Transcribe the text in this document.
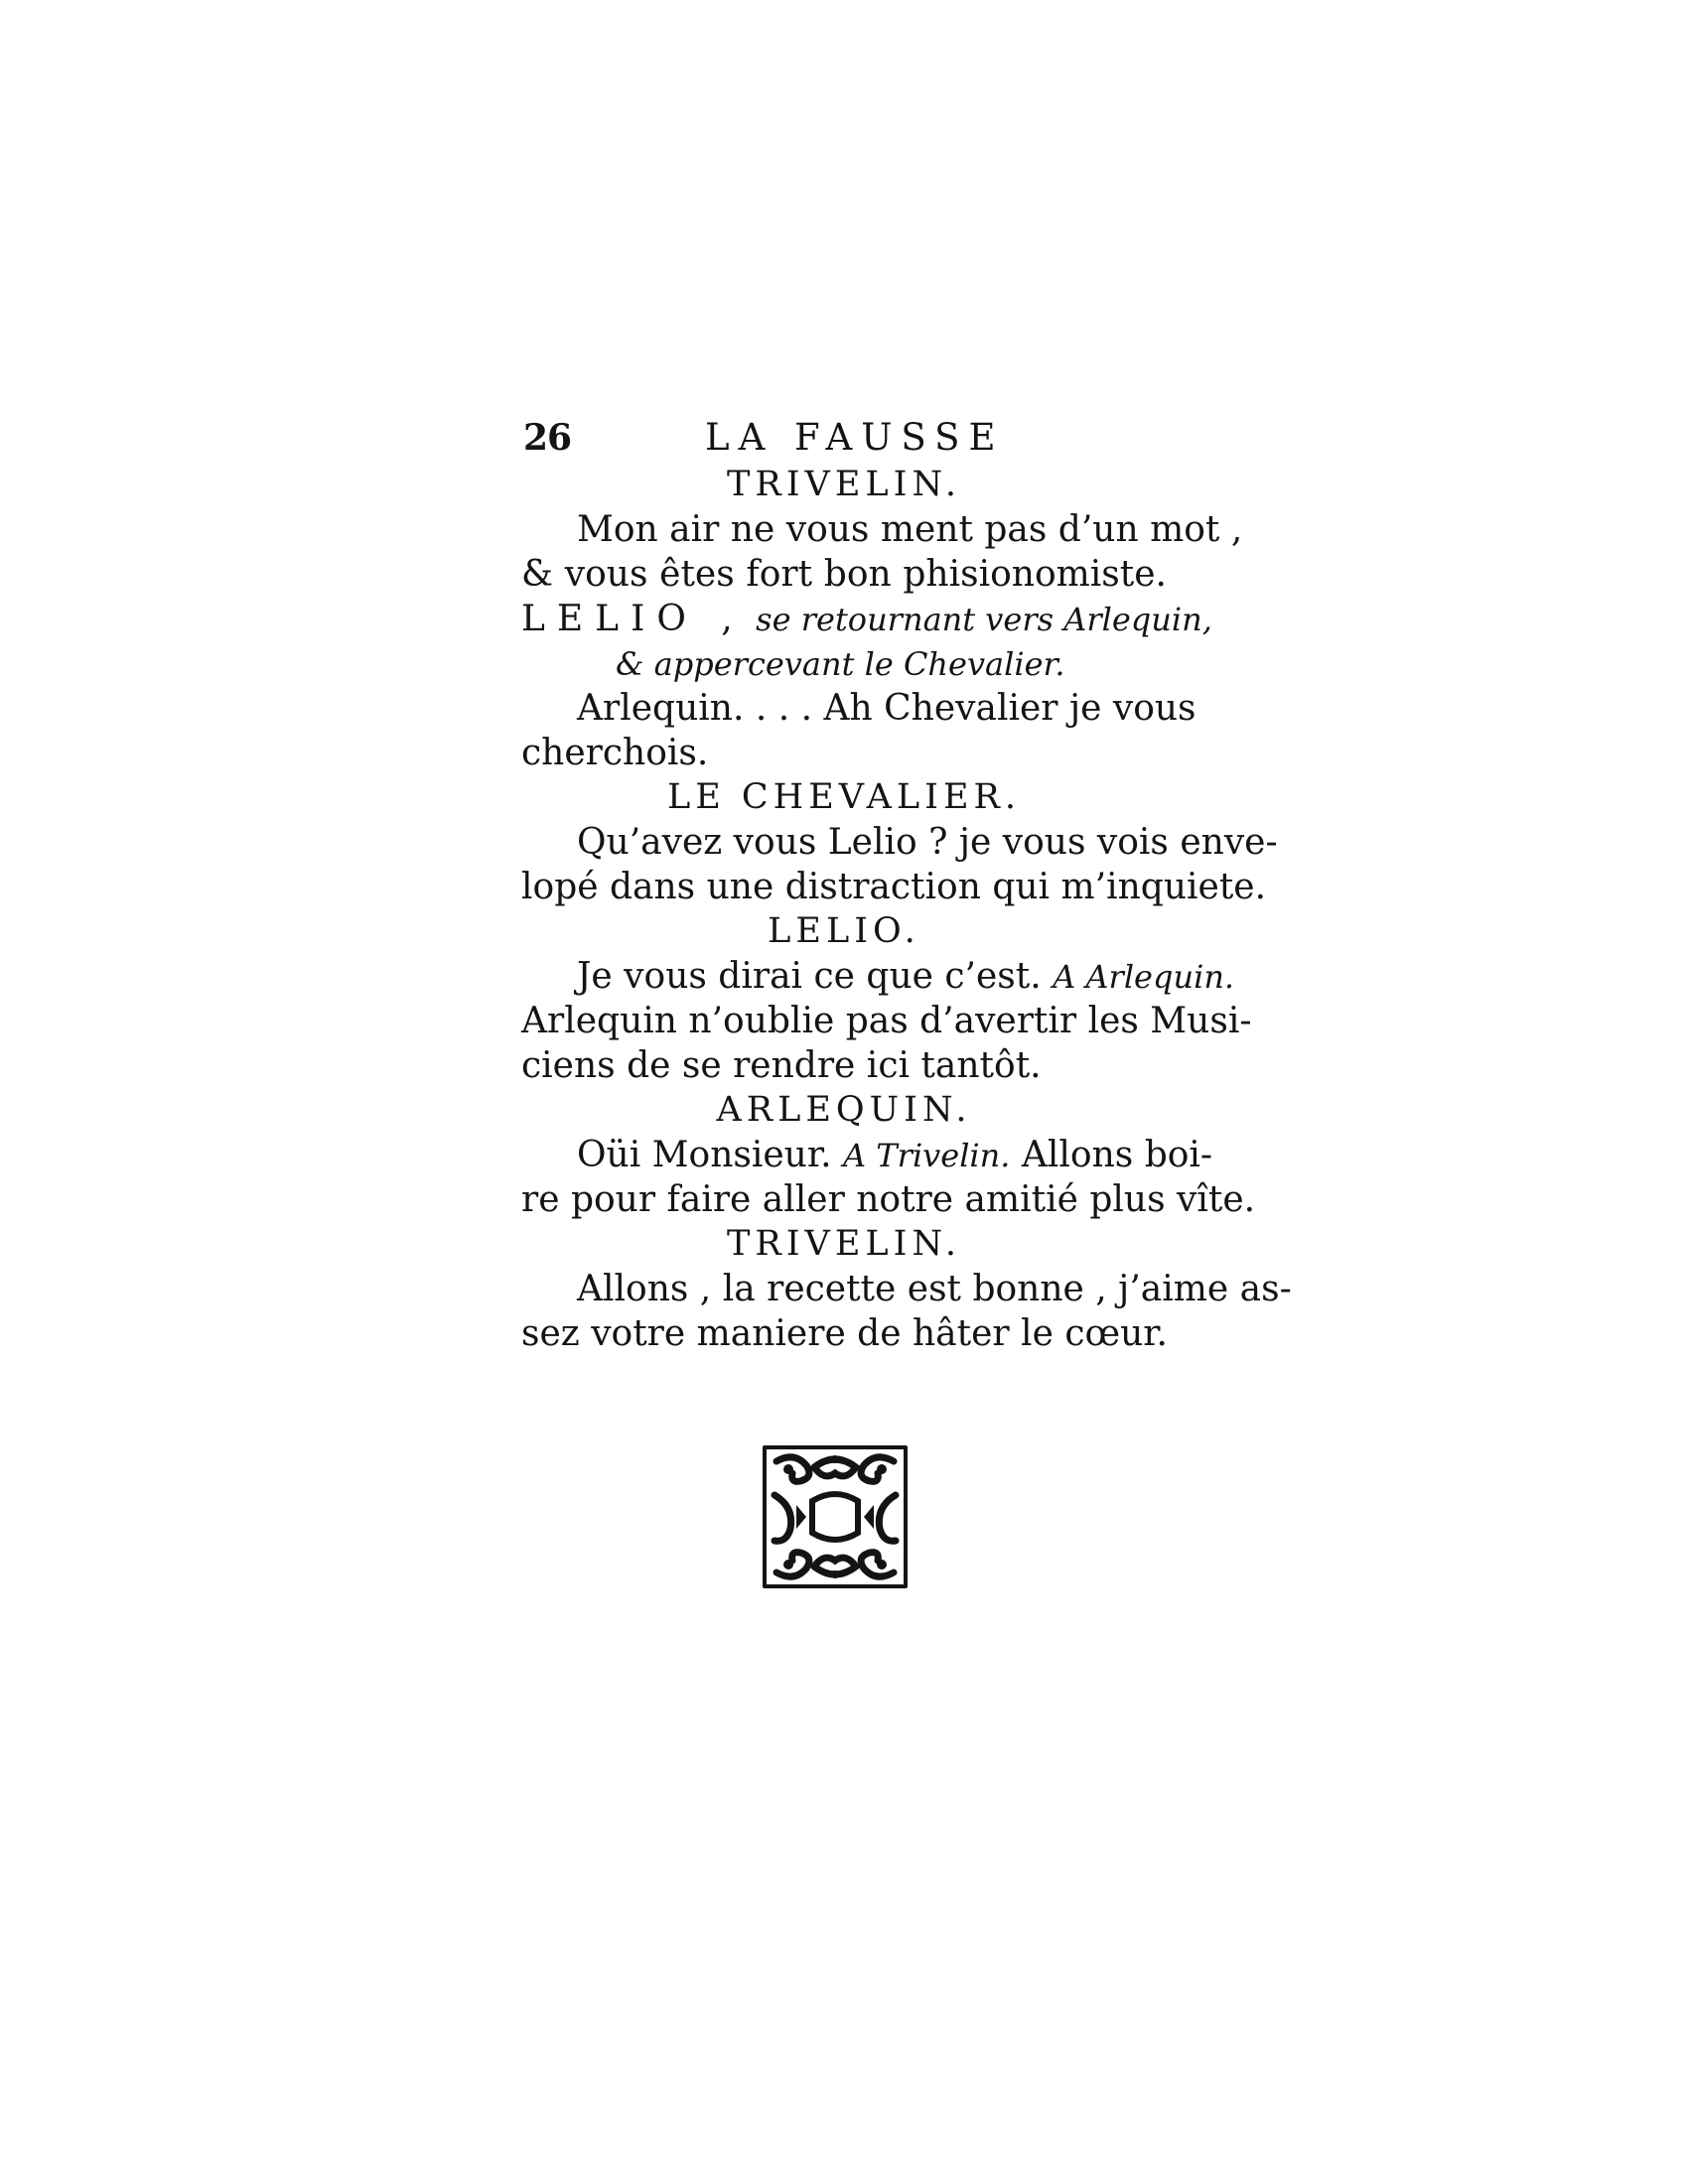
26	LA FAUSSE
TRIVELIN.
Mon air ne vous ment pas d’un mot ,
& vous êtes fort bon phisionomiste.
LELIO , se retournant vers Arlequin,
& appercevant le Chevalier.
Arlequin. . . . Ah Chevalier je vous
cherchois.
LE CHEVALIER.
Qu’avez vous Lelio ? je vous vois enve-
lopé dans une distraction qui m’inquiete.
LELIO.
Je vous dirai ce que c’est. A Arlequin.
Arlequin n’oublie pas d’avertir les Musi-
ciens de se rendre ici tantôt.
ARLEQUIN.
Oüi Monsieur. A Trivelin. Allons boi-
re pour faire aller notre amitié plus vîte.
TRIVELIN.
Allons , la recette est bonne , j’aime as-
sez votre maniere de hâter le cœur.
